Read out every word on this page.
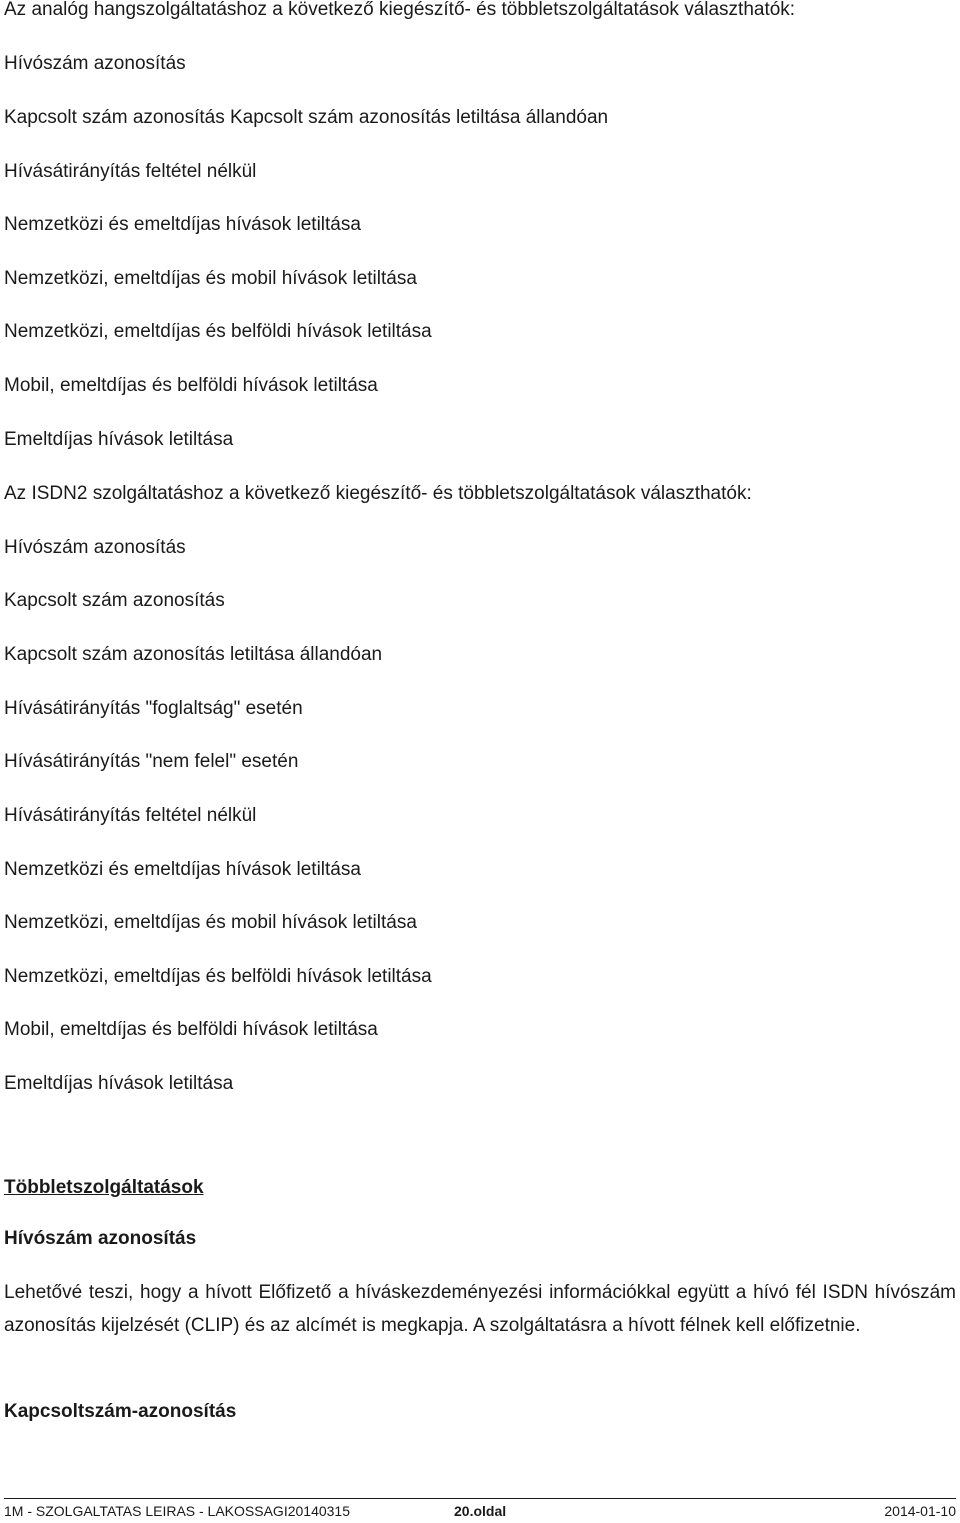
Az analóg hangszolgáltatáshoz a következő kiegészítő- és többletszolgáltatások választhatók:
Hívószám azonosítás
Kapcsolt szám azonosítás Kapcsolt szám azonosítás letiltása állandóan
Hívásátirányítás feltétel nélkül
Nemzetközi és emeltdíjas hívások letiltása
Nemzetközi, emeltdíjas és mobil hívások letiltása
Nemzetközi, emeltdíjas és belföldi hívások letiltása
Mobil, emeltdíjas és belföldi hívások letiltása
Emeltdíjas hívások letiltása
Az ISDN2 szolgáltatáshoz a következő kiegészítő- és többletszolgáltatások választhatók:
Hívószám azonosítás
Kapcsolt szám azonosítás
Kapcsolt szám azonosítás letiltása állandóan
Hívásátirányítás "foglaltság" esetén
Hívásátirányítás "nem felel" esetén
Hívásátirányítás feltétel nélkül
Nemzetközi és emeltdíjas hívások letiltása
Nemzetközi, emeltdíjas és mobil hívások letiltása
Nemzetközi, emeltdíjas és belföldi hívások letiltása
Mobil, emeltdíjas és belföldi hívások letiltása
Emeltdíjas hívások letiltása
Többletszolgáltatások
Hívószám azonosítás
Lehetővé teszi, hogy a hívott Előfizető a híváskezdeményezési információkkal együtt a hívó fél ISDN hívószám azonosítás kijelzését (CLIP) és az alcímét is megkapja. A szolgáltatásra a hívott félnek kell előfizetnie.
Kapcsoltszám-azonosítás
1M - SZOLGALTATAS LEIRAS - LAKOSSAGI20140315	20.oldal	2014-01-10
